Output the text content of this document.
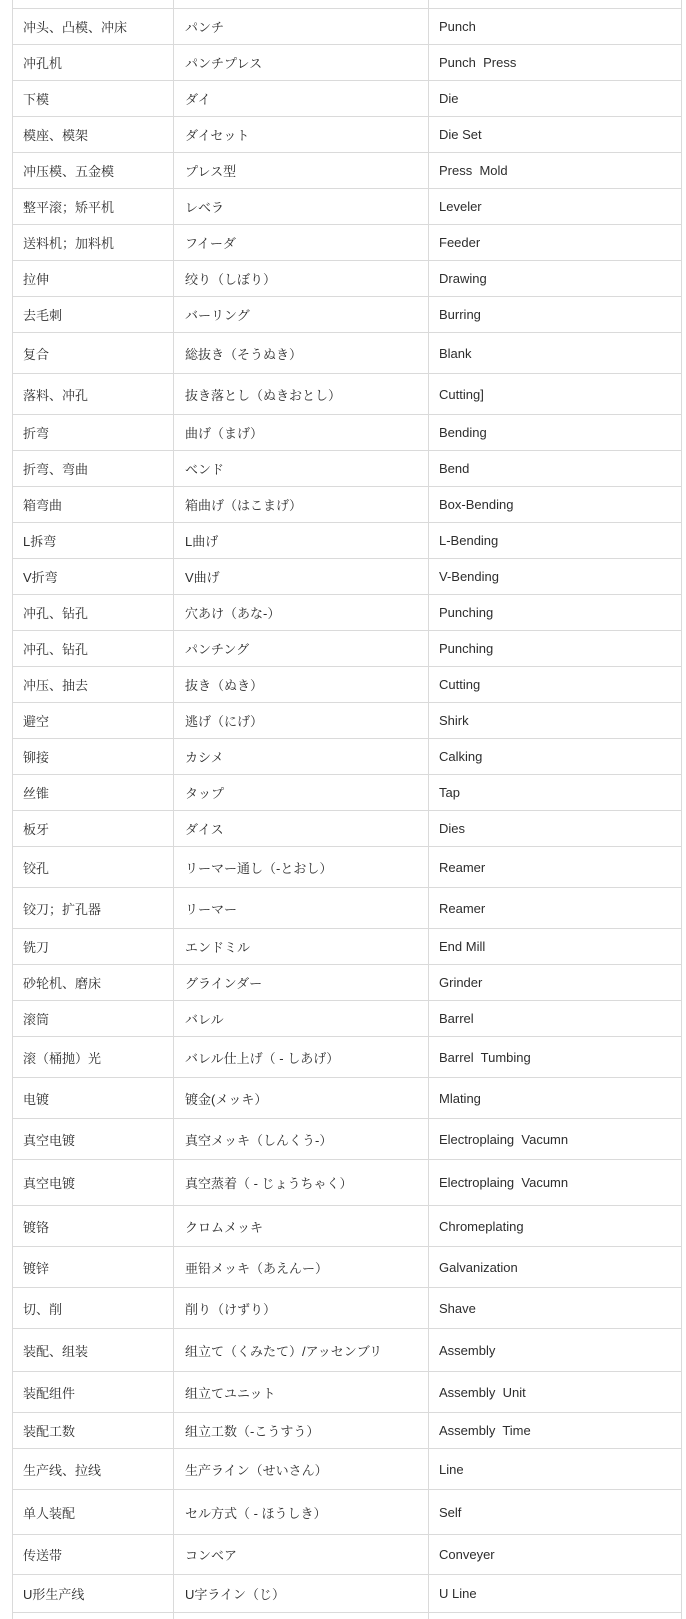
冲头、凸模、冲床	パンチ	Punch
冲孔机	パンチプレス	Punch  Press
下模	ダイ	Die
模座、模架	ダイセット	Die Set
冲压模、五金模	プレス型	Press  Mold
整平滚；矫平机	レベラ	Leveler
送料机；加料机	フイーダ	Feeder
拉伸	绞り（しぼり）	Drawing
去毛刺	バーリング	Burring
复合	総抜き（そうぬき）	Blank
落料、冲孔	抜き落とし（ぬきおとし）	Cutting]
折弯	曲げ（まげ）	Bending
折弯、弯曲	ベンド	Bend
箱弯曲	箱曲げ（はこまげ）	Box-Bending
L拆弯	L曲げ	L-Bending
V折弯	V曲げ	V-Bending
冲孔、钻孔	穴あけ（あな-）	Punching
冲孔、钻孔	パンチング	Punching
冲压、抽去	抜き（ぬき）	Cutting
避空	逃げ（にげ）	Shirk
铆接	カシメ	Calking
丝锥	タップ	Tap
板牙	ダイス	Dies
铰孔	リーマー通し（-とおし）	Reamer
铰刀；扩孔器	リーマー	Reamer
铣刀	エンドミル	End Mill
砂轮机、磨床	グラインダー	Grinder
滚筒	バレル	Barrel
滚（桶抛）光	バレル仕上げ（ - しあげ）	Barrel  Tumbing
电镀	镀金(メッキ）	Mlating
真空电镀	真空メッキ（しんくう-）	Electroplaing  Vacumn
真空电镀	真空蒸着（ - じょうちゃく）	Electroplaing  Vacumn
镀铬	クロムメッキ	Chromeplating
镀锌	亜铅メッキ（あえんー）	Galvanization
切、削	削り（けずり）	Shave
装配、组装	组立て（くみたて）/アッセンブリ	Assembly
装配组件	组立てユニット	Assembly  Unit
装配工数	组立工数（-こうすう）	Assembly  Time
生产线、拉线	生产ライン（せいさん）	Line
单人装配	セル方式（ - ほうしき）	Self
传送带	コンベア	Conveyer
U形生产线	U字ライン（じ）	U Line
